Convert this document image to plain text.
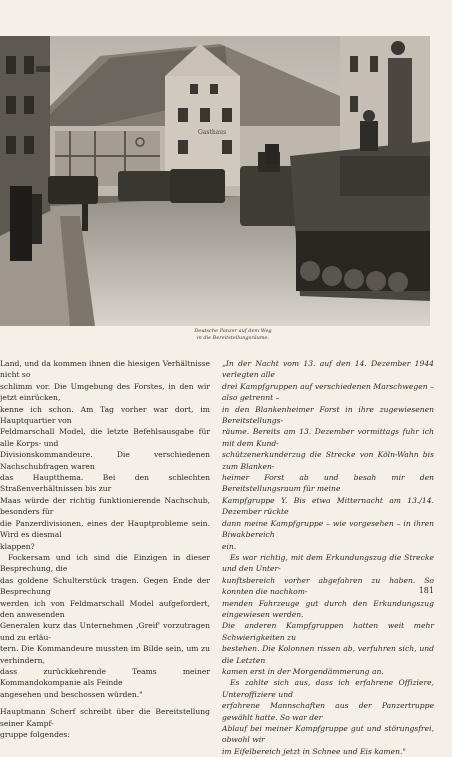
Gasthaus
Deutsche Panzer auf dem Weg
in die Bereitstellungsräume.

Land, und da kommen ihnen die hiesigen Verhältnisse nicht so

schlimm vor. Die Umgebung des Forstes, in den wir jetzt einrücken,

kenne ich schon. Am Tag vorher war dort, im Hauptquartier von

Feldmarschall Model, die letzte Befehlsausgabe für alle Korps- und

Divisionskommandeure. Die verschiedenen Nachschubfragen waren

das Hauptthema. Bei den schlechten Straßenverhältnissen bis zur

Maas würde der richtig funktionierende Nachschub, besonders für

die Panzerdivisionen, eines der Hauptprobleme sein. Wird es diesmal

klappen?

Fockersam und ich sind die Einzigen in dieser Besprechung, die

das goldene Schulterstück tragen. Gegen Ende der Besprechung

werden ich von Feldmarschall Model aufgefordert, den anwesenden

Generalen kurz das Unternehmen ‚Greif' vorzutragen und zu erläu-

tern. Die Kommandeure mussten im Bilde sein, um zu verhindern,

dass zurückkehrende Teams meiner Kommandokompanie als Feinde

angesehen und beschossen würden."

Hauptmann Scherf schreibt über die Bereitstellung seiner Kampf-

gruppe folgendes:

„In der Nacht vom 13. auf den 14. Dezember 1944 verlegten alle

drei Kampfgruppen auf verschiedenen Marschwegen – also getrennt –

in den Blankenheimer Forst in ihre zugewiesenen Bereitstellungs-

räume. Bereits am 13. Dezember vormittags fuhr ich mit dem Kund-

schützenerkunderzug die Strecke von Köln-Wahn bis zum Blanken-

heimer Forst ab und besah mir den Bereitstellungsraum für meine

Kampfgruppe Y. Bis etwa Mitternacht am 13./14. Dezember rückte

dann meine Kampfgruppe – wie vorgesehen – in ihren Biwakbereich

ein.

Es war richtig, mit dem Erkundungszug die Strecke und den Unter-

kunftsbereich vorher abgefahren zu haben. So konnten die nachkom-

menden Fahrzeuge gut durch den Erkundungszug eingewiesen werden.

Die anderen Kampfgruppen hatten weit mehr Schwierigkeiten zu

bestehen. Die Kolonnen rissen ab, verfuhren sich, und die Letzten

kamen erst in der Morgendämmerung an.

Es zahlte sich aus, dass ich erfahrene Offiziere, Unteroffiziere und

erfahrene Mannschaften aus der Panzertruppe gewählt hatte. So war der

Ablauf bei meiner Kampfgruppe gut und störungsfrei, obwohl wir

im Eifelbereich jetzt in Schnee und Eis kamen."

181
